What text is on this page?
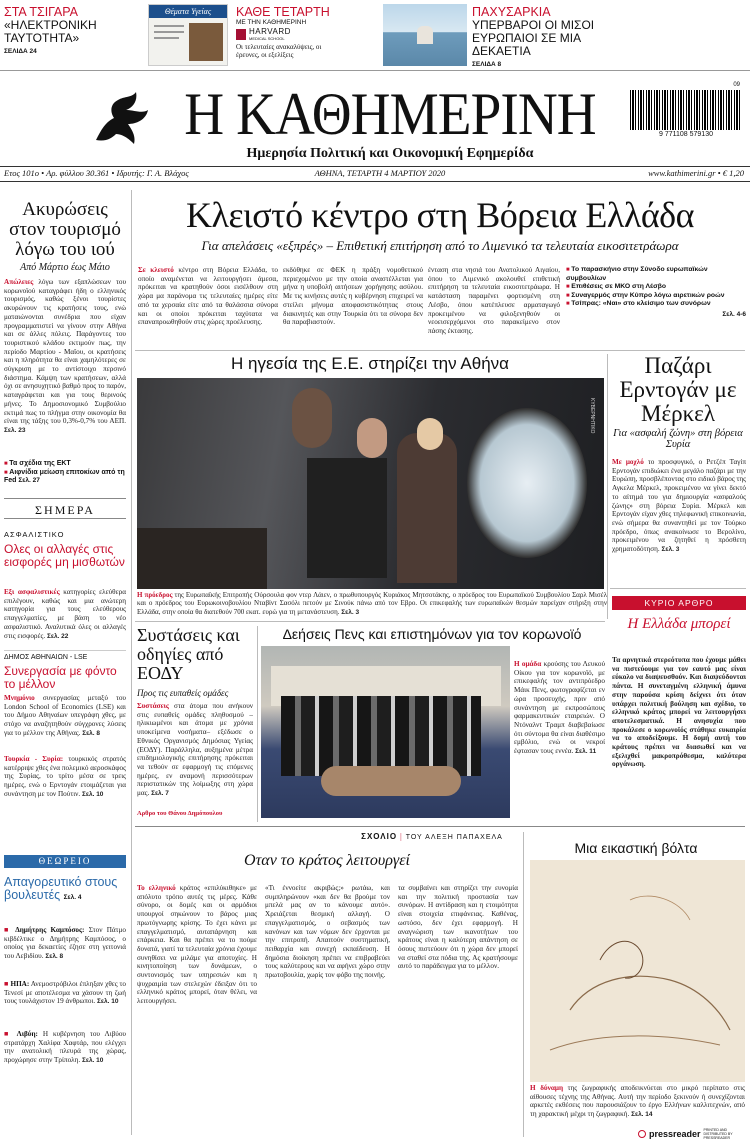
ΣΤΑ ΤΣΙΓΑΡΑ
«ΗΛΕΚΤΡΟΝΙΚΗ ΤΑΥΤΟΤΗΤΑ»
ΣΕΛΙΔΑ 24
Θέματα Υγείας	ΚΑΘΕ ΤΕΤΑΡΤΗ
ΜΕ ΤΗΝ ΚΑΘΗΜΕΡΙΝΗ
HARVARD
MEDICAL SCHOOL
Οι τελευταίες ανακαλύψεις, οι έρευνες, οι εξελίξεις
ΠΑΧΥΣΑΡΚΙΑ
ΥΠΕΡΒΑΡΟΙ ΟΙ ΜΙΣΟΙ ΕΥΡΩΠΑΙΟΙ ΣΕ ΜΙΑ ΔΕΚΑΕΤΙΑ
ΣΕΛΙΔΑ 8
Η ΚΑΘΗΜΕΡΙΝΗ
Ημερησία Πολιτική και Οικονομική Εφημερίδα
09
9 771108 579130
Ετος 101ο • Αρ. φύλλου 30.361 • Ιδρυτής: Γ. Α. Βλάχος	ΑΘΗΝΑ, ΤΕΤΑΡΤΗ 4 ΜΑΡΤΙΟΥ 2020	www.kathimerini.gr • € 1,20
Ακυρώσεις στον τουρισμό λόγω του ιού
Από Μάρτιο έως Μάιο
Απώλειες λόγω των εξαπλώσεων του κορωνοϊού καταγράφει ήδη ο ελληνικός τουρισμός, καθώς ξένοι τουρίστες ακυρώνουν τις κρατήσεις τους, ενώ ματαιώνονται συνέδρια που είχαν προγραμματιστεί να γίνουν στην Αθήνα και σε άλλες πόλεις. Παράγοντες του τουριστικού κλάδου εκτιμούν πως, την περίοδο Μαρτίου - Μαΐου, οι κρατήσεις και η πληρότητα θα είναι χαμηλότερες σε σύγκριση με το αντίστοιχο περσινό διάστημα. Κάμψη των κρατήσεων, αλλά όχι σε ανησυχητικό βαθμό προς το παρόν, καταγράφεται και για τους θερινούς μήνες. Το Δημοσιονομικό Συμβούλιο εκτιμά πως το πλήγμα στην οικονομία θα είναι της τάξης του 0,3%-0,7% του ΑΕΠ. Σελ. 23
■ Τα σχέδια της ΕΚΤ
■ Αιφνίδια μείωση επιτοκίων από τη Fed Σελ. 27
ΣΗΜΕΡΑ
ΑΣΦΑΛΙΣΤΙΚΟ
Ολες οι αλλαγές στις εισφορές μη μισθωτών
Εξι ασφαλιστικές κατηγορίες ελεύθερα επιλέγουν, καθώς και μια ανώτερη κατηγορία για τους ελεύθερους επαγγελματίες, με βάση το νέο ασφαλιστικό. Αναλυτικά όλες οι αλλαγές στις εισφορές. Σελ. 22
ΔΗΜΟΣ ΑΘΗΝΑΙΩΝ - LSE
Συνεργασία με φόντο το μέλλον
Μνημόνιο συνεργασίας μεταξύ του London School of Economics (LSE) και του Δήμου Αθηναίων υπεγράφη χθες, με στόχο να αναζητηθούν σύγχρονες λύσεις για το μέλλον της Αθήνας. Σελ. 8
Τουρκία - Συρία: τουρκικός στρατός κατέρριψε χθες ένα πολεμικό αεροσκάφος της Συρίας, το τρίτο μέσα σε τρεις ημέρες, ενώ ο Ερντογάν ετοιμάζεται για συνάντηση με τον Πούτιν. Σελ. 10
ΘΕΩΡΕΙΟ
Απαγορευτικό στους βουλευτές Σελ. 4
■ Δημήτρης Καμπόσος: Στον Πάτμο κιβδέλτικε ο Δημήτρης Καμπόσος, ο οποίος για δεκαετίες έζησε στη γειτονιά του Λεβιδίου. Σελ. 8
■ ΗΠΑ: Ανεμοστρόβιλοι έπληξαν χθες το Τενεσί με αποτέλεσμα να χάσουν τη ζωή τους τουλάχιστον 19 άνθρωποι. Σελ. 10
■ Λιβύη: Η κυβέρνηση του Λιβύου στρατάρχη Χαλίφα Χαφτάρ, που ελέγχει την ανατολική πλευρά της χώρας, προχώρησε στην Τρίπολη. Σελ. 10
Κλειστό κέντρο στη Βόρεια Ελλάδα
Για απελάσεις «εξπρές» – Επιθετική επιτήρηση από το Λιμενικό τα τελευταία εικοσιτετράωρα
Σε κλειστό κέντρο στη Βόρεια Ελλάδα, το οποίο αναμένεται να λειτουργήσει άμεσα, πρόκειται να κρατηθούν όσοι εισέλθουν στη χώρα μα παράνομα τις τελευταίες ημέρες είτε από τα χερσαία είτε από τα θαλάσσια σύνορα και οι οποίοι πρόκειται ταχύτατα να επαναπροωθηθούν στις χώρες προέλευσης.
εκδόθηκε σε ΦΕΚ η πράξη νομοθετικού περιεχομένου με την οποία αναστέλλεται για μήνα η υποβολή αιτήσεων χορήγησης ασύλου. Με τις κινήσεις αυτές η κυβέρνηση επιχειρεί να στείλει μήνυμα αποφασιστικότητας στους διακινητές και στην Τουρκία ότι τα σύνορα δεν θα παραβιαστούν.
ένταση στα νησιά του Ανατολικού Αιγαίου, όπου το Λιμενικό ακολουθεί επιθετική επιτήρηση τα τελευταία εικοσιτετράωρα. Η κατάσταση παραμένει φορτισμένη στη Λέσβο, όπου κατέπλευσε αρματαγωγό προκειμένου να φιλοξενηθούν οι νεοεισερχόμενοι στο παρακείμενο στον πάσης έκτασης.
■ Το παρασκήνιο στην Σύνοδο ευρωπαϊκών συμβουλίων
■ Επιθέσεις σε ΜΚΟ στη Λέσβο
■ Συναγερμός στην Κύπρο λόγω αιρετικών ροών
■ Τσίπρας: «Ναι» στο κλείσιμο των συνόρων
Σελ. 4-6
Η ηγεσία της Ε.Ε. στηρίζει την Αθήνα
ΚΥΒΕΡΝΗΤΙΚΟ
Η πρόεδρος της Ευρωπαϊκής Επιτροπής Ούρσουλα φον ντερ Λάιεν, ο πρωθυπουργός Κυριάκος Μητσοτάκης, ο πρόεδρος του Ευρωπαϊκού Συμβουλίου Σαρλ Μισέλ και ο πρόεδρος του Ευρωκοινοβουλίου Νταβίντ Σασόλι πετούν με Σινούκ πάνω από τον Εβρο. Οι επικεφαλής των ευρωπαϊκών θεσμών παρείχαν στήριξη στην Ελλάδα, στην οποία θα διατεθούν 700 εκατ. ευρώ για τη μετανάστευση. Σελ. 3
Παζάρι Ερντογάν με Μέρκελ
Για «ασφαλή ζώνη» στη βόρεια Συρία
Με μοχλό το προσφυγικό, ο Ρετζέπ Ταγίπ Ερντογάν επιδιώκει ένα μεγάλο παζάρι με την Ευρώπη, προσβλέποντας στο ειδικό βάρος της Αγκελα Μέρκελ, προκειμένου να γίνει δεκτό το αίτημά του για δημιουργία «ασφαλούς ζώνης» στη βόρεια Συρία. Μέρκελ και Ερντογάν είχαν χθες τηλεφωνική επικοινωνία, ενώ σήμερα θα συναντηθεί με τον Τούρκο πρόεδρο, όπως ανακοίνωσε το Βερολίνο, προκειμένου να ζητηθεί η πρόσθετη χρηματοδότηση. Σελ. 3
ΚΥΡΙΟ ΑΡΘΡΟ
Η Ελλάδα μπορεί
Τα αρνητικά στερεότυπα που έχουμε μάθει να πιστεύουμε για τον εαυτό μας είναι εύκολο να διαψευσθούν. Και διαψεύδονται πάντα. Η συνεταγμένη ελληνική άμυνα στην παρούσα κρίση δείχνει ότι όταν υπάρχει πολιτική βούληση και σχέδιο, το ελληνικό κράτος μπορεί να λειτουργήσει αποτελεσματικά. Η ανησυχία που προκάλεσε ο κορωνοϊός στάθηκε ευκαιρία να το αποδείξουμε. Η δομή αυτή του κράτους πρέπει να διασωθεί και να εξελιχθεί μακροπρόθεσμα, καλύτερα οργάνωση.
Συστάσεις και οδηγίες από ΕΟΔΥ
Προς τις ευπαθείς ομάδες
Συστάσεις στα άτομα που ανήκουν στις ευπαθείς ομάδες πληθυσμού –ηλικιωμένοι και άτομα με χρόνια υποκείμενα νοσήματα– εξέδωσε ο Εθνικός Οργανισμός Δημόσιας Υγείας (ΕΟΔΥ). Παράλληλα, αυξημένα μέτρα επιδημιολογικής επιτήρησης πρόκειται να τεθούν σε εφαρμογή τις επόμενες ημέρες, εν αναμονή περισσότερων περιστατικών της λοίμωξης στη χώρα μας. Σελ. 7
Αρθρο του Θάνου Δημόπουλου
Δεήσεις Πενς και επιστημόνων για τον κορωνοϊό
Η ομάδα κρούσης του Λευκού Οίκου για τον κορωνοϊό, με επικεφαλής τον αντιπρόεδρο Μάικ Πενς, φωτογραφίζεται εν ώρα προσευχής, πριν από συνάντηση με εκπροσώπους φαρμακευτικών εταιρειών. Ο Ντόναλντ Τραμπ διαβεβαίωσε ότι σύντομα θα είναι διαθέσιμο εμβόλιο, ενώ οι νεκροί έφτασαν τους εννέα. Σελ. 11
ΣΧΟΛΙΟ | ΤΟΥ ΑΛΕΞΗ ΠΑΠΑΧΕΛΑ
Οταν το κράτος λειτουργεί
Το ελληνικό κράτος «επιλύκιθηκε» με απόλυτο τρόπο αυτές τις μέρες. Κάθε σύνορο, οι δομές και οι αρμόδιοι υπουργοί σηκώνουν το βάρος μιας πρωτόγνωρης κρίσης. Το έχει κάνει με επαγγελματισμό, αυταπάρνηση και επάρκεια. Και θα πρέπει να το πούμε δυνατά, γιατί τα τελευταία χρόνια έχουμε συνηθίσει να μιλάμε για αποτυχίες. Η κινητοποίηση των δυνάμεων, ο συντονισμός των υπηρεσιών και η ψυχραιμία των στελεχών έδειξαν ότι το ελληνικό κράτος μπορεί, όταν θέλει, να λειτουργήσει.
«Τι έννοείτε ακριβώς;» ρωτάω, και συμπληρώνουν «και δεν θα βρούμε τον μπελά μας αν το κάνουμε αυτό». Χρειάζεται θεσμική αλλαγή. Ο επαγγελματισμός, ο σεβασμός των κανόνων και των νόμων δεν έρχονται με την επιτροπή. Απαιτούν συστηματική, πειθαρχία και συνεχή εκπαίδευση. Η δημόσια διοίκηση πρέπει να επιβραβεύει τους καλύτερους και να αφήνει χώρο στην πρωτοβουλία, χωρίς τον φόβο της ποινής.
τα συμβαίνει και στηρίζει την ευνομία και την πολιτική προστασία των συνόρων. Η αντίδραση και η ετοιμότητα είναι στοιχεία επιφάνειας. Καθένας, ωστόσο, δεν έχει εφαρμογή. Η αναγνώριση των ικανοτήτων του κράτους είναι η καλύτερη απάντηση σε όσους πιστεύουν ότι η χώρα δεν μπορεί να σταθεί στα πόδια της. Ας κρατήσουμε αυτό το παράδειγμα για το μέλλον.
Μια εικαστική βόλτα
Η δύναμη της ζωγραφικής αποδεικνύεται στο μικρό περίπατο στις αίθουσες τέχνης της Αθήνας. Αυτή την περίοδο ξεκινούν ή συνεχίζονται αρκετές εκθέσεις που παρουσιάζουν το έργο Ελλήνων καλλιτεχνών, από τη χαρακτική μέχρι τη ζωγραφική. Σελ. 14
pressreader PRINTED AND DISTRIBUTED BY PRESSREADER
